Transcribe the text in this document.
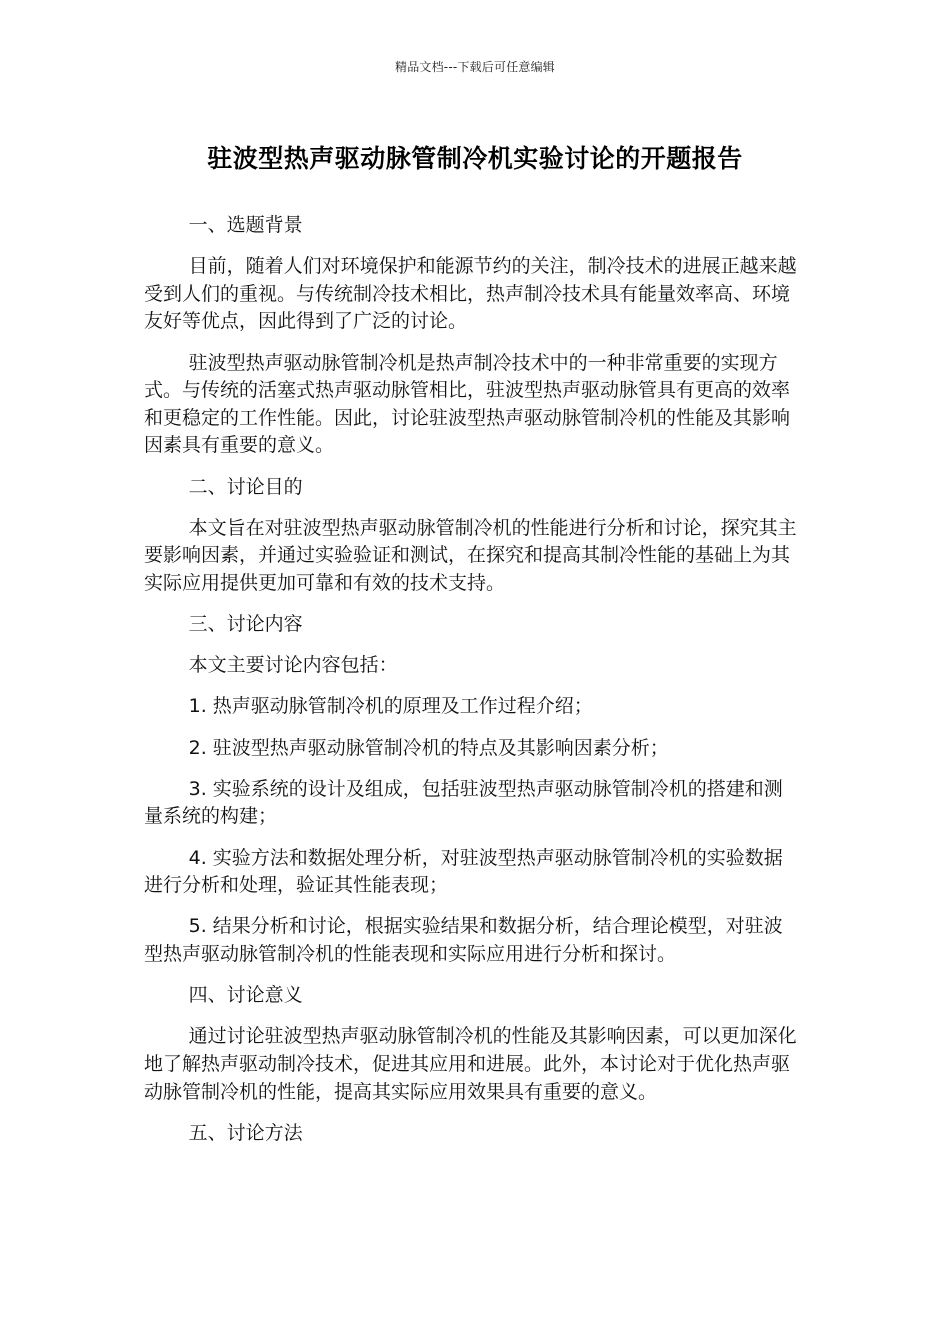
精品文档---下载后可任意编辑
驻波型热声驱动脉管制冷机实验讨论的开题报告

一、选题背景

目前，随着人们对环境保护和能源节约的关注，制冷技术的进展正越来越受到人们的重视。与传统制冷技术相比，热声制冷技术具有能量效率高、环境友好等优点，因此得到了广泛的讨论。

驻波型热声驱动脉管制冷机是热声制冷技术中的一种非常重要的实现方式。与传统的活塞式热声驱动脉管相比，驻波型热声驱动脉管具有更高的效率和更稳定的工作性能。因此，讨论驻波型热声驱动脉管制冷机的性能及其影响因素具有重要的意义。

二、讨论目的

本文旨在对驻波型热声驱动脉管制冷机的性能进行分析和讨论，探究其主要影响因素，并通过实验验证和测试，在探究和提高其制冷性能的基础上为其实际应用提供更加可靠和有效的技术支持。

三、讨论内容

本文主要讨论内容包括：

1. 热声驱动脉管制冷机的原理及工作过程介绍；

2. 驻波型热声驱动脉管制冷机的特点及其影响因素分析；

3. 实验系统的设计及组成，包括驻波型热声驱动脉管制冷机的搭建和测量系统的构建；

4. 实验方法和数据处理分析，对驻波型热声驱动脉管制冷机的实验数据进行分析和处理，验证其性能表现；

5. 结果分析和讨论，根据实验结果和数据分析，结合理论模型，对驻波型热声驱动脉管制冷机的性能表现和实际应用进行分析和探讨。

四、讨论意义

通过讨论驻波型热声驱动脉管制冷机的性能及其影响因素，可以更加深化地了解热声驱动制冷技术，促进其应用和进展。此外，本讨论对于优化热声驱动脉管制冷机的性能，提高其实际应用效果具有重要的意义。

五、讨论方法
